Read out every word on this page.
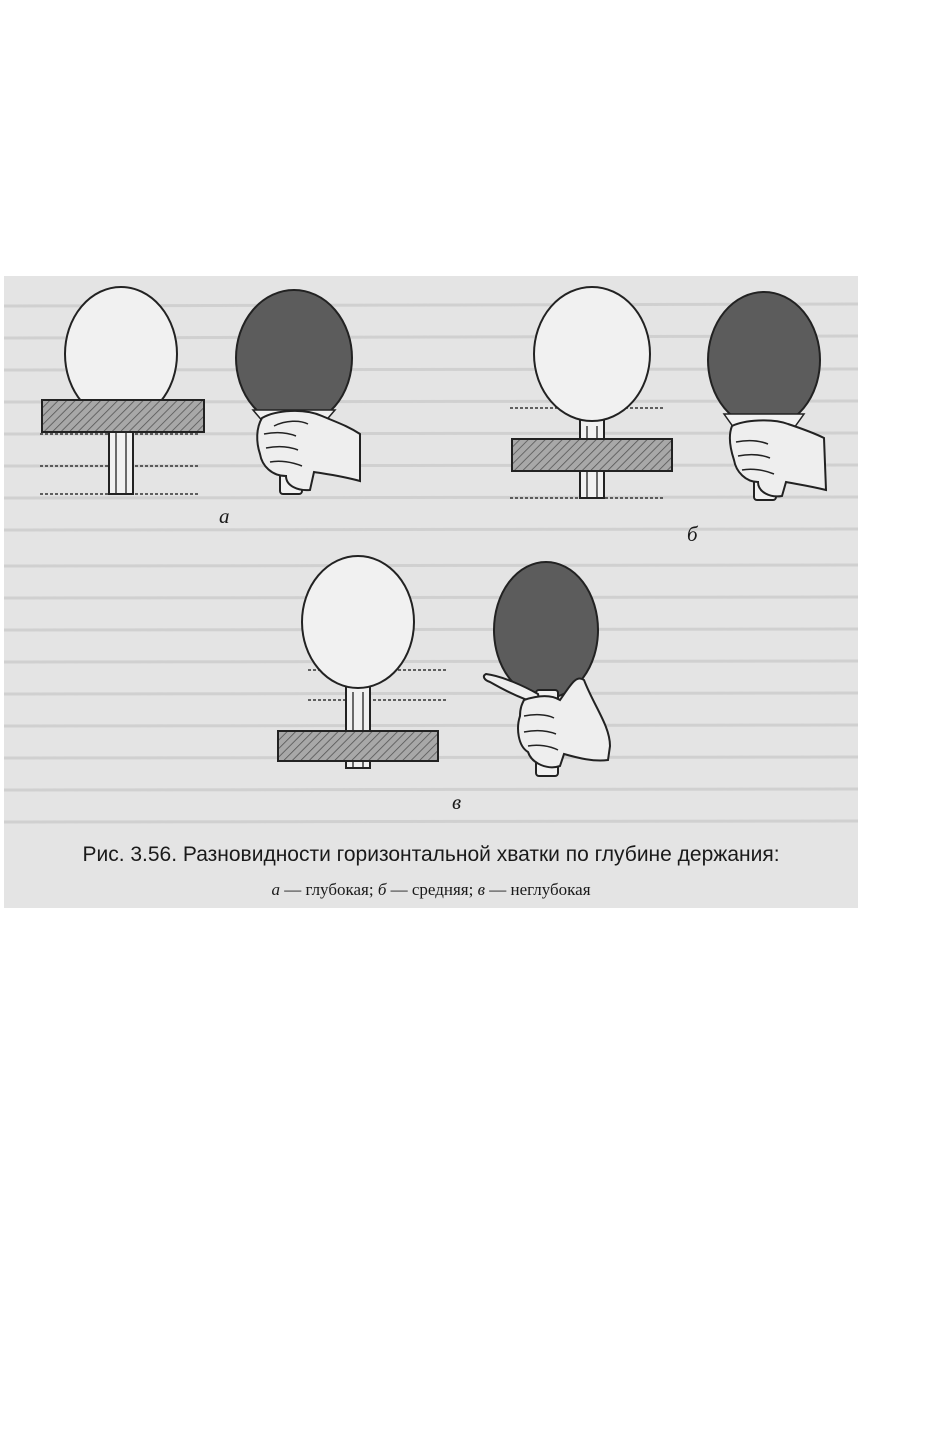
а
б
в
Рис. 3.56. Разновидности горизонтальной хватки по глубине держания:
а — глубокая; б — средняя; в — неглубокая
